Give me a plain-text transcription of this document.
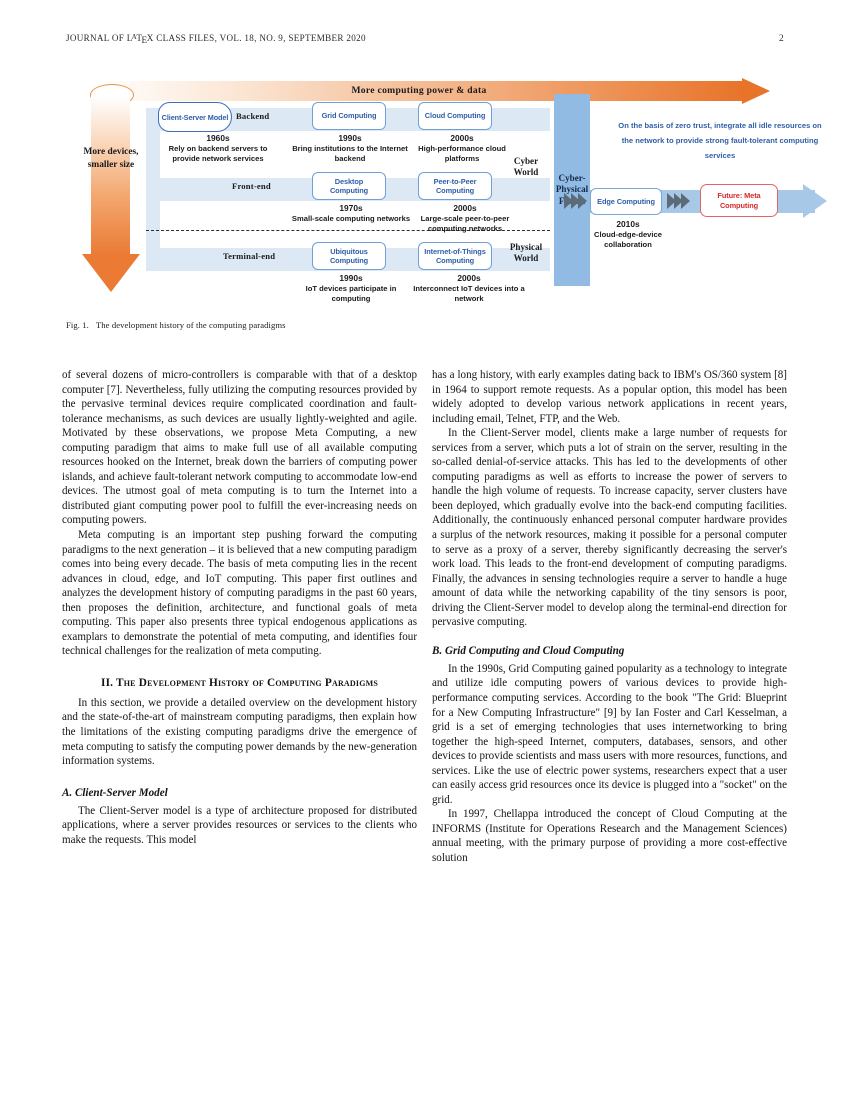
JOURNAL OF $L^ATEX$ CLASS FILES, VOL. 18, NO. 9, SEPTEMBER 2020	2
More computing power & data
More devices, smaller size
Client-Server Model Backend
Front-end
Terminal-end
Grid Computing	Cloud Computing
Desktop Computing
Peer-to-Peer Computing
Ubiquitous Computing
Internet-of-Things Computing
1960s
Rely on backend servers to provide network services
1990s
Bring institutions to the Internet backend
2000s
High-performance cloud platforms
1970s
Small-scale computing networks
2000s
Large-scale peer-to-peer computing networks
1990s
IoT devices participate in computing
2000s
Interconnect IoT devices into a network
Cyber World
Physical World
Cyber-Physical Fusion	Edge Computing
Future: Meta Computing
2010s
Cloud-edge-device collaboration
On the basis of zero trust, integrate all idle resources on the network to provide strong fault-tolerant computing services
Fig. 1. The development history of the computing paradigms

of several dozens of micro-controllers is comparable with that of a desktop computer [7]. Nevertheless, fully utilizing the computing resources provided by the pervasive terminal devices require complicated coordination and fault-tolerance mechanisms, as such devices are usually lightly-weighted and agile. Motivated by these observations, we propose Meta Computing, a new computing paradigm that aims to make full use of all available computing resources hooked on the Internet, break down the barriers of computing power islands, and achieve fault-tolerant network computing to accommodate low-end devices. The utmost goal of meta computing is to turn the Internet into a distributed giant computing power pool to fulfill the ever-increasing needs on computing powers.

Meta computing is an important step pushing forward the computing paradigms to the next generation – it is believed that a new computing paradigm comes into being every decade. The basis of meta computing lies in the recent advances in cloud, edge, and IoT computing. This paper first outlines and analyzes the development history of computing paradigms in the past 60 years, then proposes the definition, architecture, and functional goals of meta computing. This paper also presents three typical endogenous applications as examplars to demonstrate the potential of meta computing, and identifies four technical challenges for the realization of meta computing.

II. The Development History of Computing Paradigms

In this section, we provide a detailed overview on the development history and the state-of-the-art of mainstream computing paradigms, then explain how the limitations of the existing computing paradigms drive the emergence of meta computing to satisfy the computing power demands by the new-generation information systems.

A. Client-Server Model

The Client-Server model is a type of architecture proposed for distributed applications, where a server provides resources or services to the clients who make the requests. This model

has a long history, with early examples dating back to IBM's OS/360 system [8] in 1964 to support remote requests. As a popular option, this model has been widely adopted to develop various network applications in recent years, including email, Telnet, FTP, and the Web.

In the Client-Server model, clients make a large number of requests for services from a server, which puts a lot of strain on the server, resulting in the so-called denial-of-service attacks. This has led to the developments of other computing paradigms as well as efforts to increase the power of servers to handle the high volume of requests. To increase capacity, server clusters have been deployed, which gradually evolve into the back-end computing facilities. Additionally, the continuously enhanced personal computer hardware provides a surplus of the network resources, making it possible for a personal computer to serve as a proxy of a server, thereby significantly decreasing the server's work load. This leads to the front-end development of computing paradigms. Finally, the advances in sensing technologies require a server to handle a huge amount of data while the networking capability of the tiny sensors is poor, driving the Client-Server model to develop along the terminal-end direction for pervasive computing.

B. Grid Computing and Cloud Computing

In the 1990s, Grid Computing gained popularity as a technology to integrate and utilize idle computing powers of various devices to provide high-performance computing services. According to the book "The Grid: Blueprint for a New Computing Infrastructure" [9] by Ian Foster and Carl Kesselman, a grid is a set of emerging technologies that uses internetworking to bring together the high-speed Internet, computers, databases, sensors, and other devices to provide scientists and mass users with more resources, functions, and services. Like the use of electric power systems, researchers expect that a user can easily access grid resources once its device is plugged into a "socket" on the grid.

In 1997, Chellappa introduced the concept of Cloud Computing at the INFORMS (Institute for Operations Research and the Management Sciences) annual meeting, with the primary purpose of providing a more cost-effective solution
